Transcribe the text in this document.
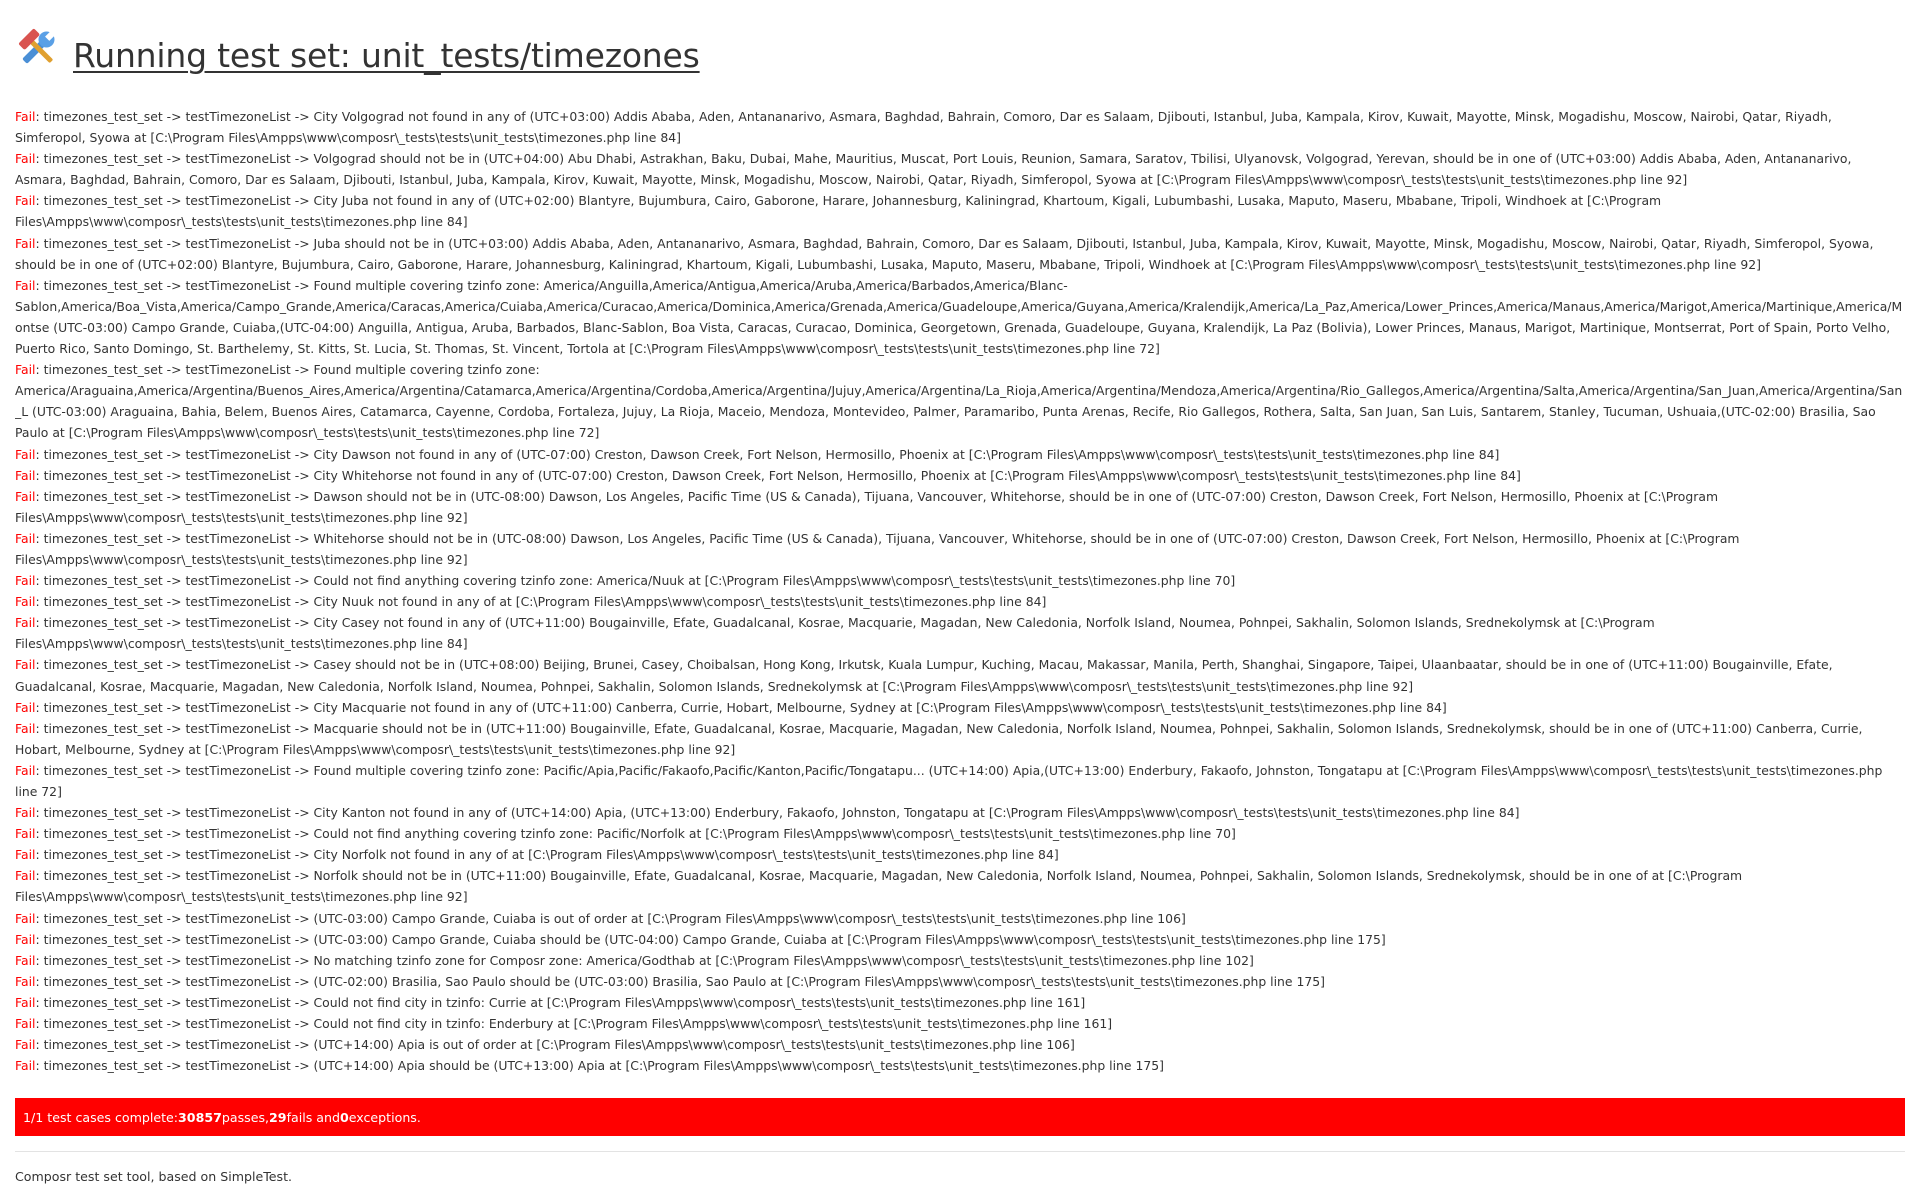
Running test set: unit_tests/timezones
Fail: timezones_test_set -> testTimezoneList -> City Volgograd not found in any of (UTC+03:00) Addis Ababa, Aden, Antananarivo, Asmara, Baghdad, Bahrain, Comoro, Dar es Salaam, Djibouti, Istanbul, Juba, Kampala, Kirov, Kuwait, Mayotte, Minsk, Mogadishu, Moscow, Nairobi, Qatar, Riyadh, Simferopol, Syowa at [C:\Program Files\Ampps\www\composr\_tests\tests\unit_tests\timezones.php line 84]
Fail: timezones_test_set -> testTimezoneList -> Volgograd should not be in (UTC+04:00) Abu Dhabi, Astrakhan, Baku, Dubai, Mahe, Mauritius, Muscat, Port Louis, Reunion, Samara, Saratov, Tbilisi, Ulyanovsk, Volgograd, Yerevan, should be in one of (UTC+03:00) Addis Ababa, Aden, Antananarivo, Asmara, Baghdad, Bahrain, Comoro, Dar es Salaam, Djibouti, Istanbul, Juba, Kampala, Kirov, Kuwait, Mayotte, Minsk, Mogadishu, Moscow, Nairobi, Qatar, Riyadh, Simferopol, Syowa at [C:\Program Files\Ampps\www\composr\_tests\tests\unit_tests\timezones.php line 92]
Fail: timezones_test_set -> testTimezoneList -> City Juba not found in any of (UTC+02:00) Blantyre, Bujumbura, Cairo, Gaborone, Harare, Johannesburg, Kaliningrad, Khartoum, Kigali, Lubumbashi, Lusaka, Maputo, Maseru, Mbabane, Tripoli, Windhoek at [C:\Program Files\Ampps\www\composr\_tests\tests\unit_tests\timezones.php line 84]
Fail: timezones_test_set -> testTimezoneList -> Juba should not be in (UTC+03:00) Addis Ababa, Aden, Antananarivo, Asmara, Baghdad, Bahrain, Comoro, Dar es Salaam, Djibouti, Istanbul, Juba, Kampala, Kirov, Kuwait, Mayotte, Minsk, Mogadishu, Moscow, Nairobi, Qatar, Riyadh, Simferopol, Syowa, should be in one of (UTC+02:00) Blantyre, Bujumbura, Cairo, Gaborone, Harare, Johannesburg, Kaliningrad, Khartoum, Kigali, Lubumbashi, Lusaka, Maputo, Maseru, Mbabane, Tripoli, Windhoek at [C:\Program Files\Ampps\www\composr\_tests\tests\unit_tests\timezones.php line 92]
Fail: timezones_test_set -> testTimezoneList -> Found multiple covering tzinfo zone: America/Anguilla,America/Antigua,America/Aruba,America/Barbados,America/Blanc-Sablon,America/Boa_Vista,America/Campo_Grande,America/Caracas,America/Cuiaba,America/Curacao,America/Dominica,America/Grenada,America/Guadeloupe,America/Guyana,America/Kralendijk,America/La_Paz,America/Lower_Princes,America/Manaus,America/Marigot,America/Martinique,America/Montse (UTC-03:00) Campo Grande, Cuiaba,(UTC-04:00) Anguilla, Antigua, Aruba, Barbados, Blanc-Sablon, Boa Vista, Caracas, Curacao, Dominica, Georgetown, Grenada, Guadeloupe, Guyana, Kralendijk, La Paz (Bolivia), Lower Princes, Manaus, Marigot, Martinique, Montserrat, Port of Spain, Porto Velho, Puerto Rico, Santo Domingo, St. Barthelemy, St. Kitts, St. Lucia, St. Thomas, St. Vincent, Tortola at [C:\Program Files\Ampps\www\composr\_tests\tests\unit_tests\timezones.php line 72]
Fail: timezones_test_set -> testTimezoneList -> Found multiple covering tzinfo zone: America/Araguaina,America/Argentina/Buenos_Aires,America/Argentina/Catamarca,America/Argentina/Cordoba,America/Argentina/Jujuy,America/Argentina/La_Rioja,America/Argentina/Mendoza,America/Argentina/Rio_Gallegos,America/Argentina/Salta,America/Argentina/San_Juan,America/Argentina/San_L (UTC-03:00) Araguaina, Bahia, Belem, Buenos Aires, Catamarca, Cayenne, Cordoba, Fortaleza, Jujuy, La Rioja, Maceio, Mendoza, Montevideo, Palmer, Paramaribo, Punta Arenas, Recife, Rio Gallegos, Rothera, Salta, San Juan, San Luis, Santarem, Stanley, Tucuman, Ushuaia,(UTC-02:00) Brasilia, Sao Paulo at [C:\Program Files\Ampps\www\composr\_tests\tests\unit_tests\timezones.php line 72]
Fail: timezones_test_set -> testTimezoneList -> City Dawson not found in any of (UTC-07:00) Creston, Dawson Creek, Fort Nelson, Hermosillo, Phoenix at [C:\Program Files\Ampps\www\composr\_tests\tests\unit_tests\timezones.php line 84]
Fail: timezones_test_set -> testTimezoneList -> City Whitehorse not found in any of (UTC-07:00) Creston, Dawson Creek, Fort Nelson, Hermosillo, Phoenix at [C:\Program Files\Ampps\www\composr\_tests\tests\unit_tests\timezones.php line 84]
Fail: timezones_test_set -> testTimezoneList -> Dawson should not be in (UTC-08:00) Dawson, Los Angeles, Pacific Time (US & Canada), Tijuana, Vancouver, Whitehorse, should be in one of (UTC-07:00) Creston, Dawson Creek, Fort Nelson, Hermosillo, Phoenix at [C:\Program Files\Ampps\www\composr\_tests\tests\unit_tests\timezones.php line 92]
Fail: timezones_test_set -> testTimezoneList -> Whitehorse should not be in (UTC-08:00) Dawson, Los Angeles, Pacific Time (US & Canada), Tijuana, Vancouver, Whitehorse, should be in one of (UTC-07:00) Creston, Dawson Creek, Fort Nelson, Hermosillo, Phoenix at [C:\Program Files\Ampps\www\composr\_tests\tests\unit_tests\timezones.php line 92]
Fail: timezones_test_set -> testTimezoneList -> Could not find anything covering tzinfo zone: America/Nuuk at [C:\Program Files\Ampps\www\composr\_tests\tests\unit_tests\timezones.php line 70]
Fail: timezones_test_set -> testTimezoneList -> City Nuuk not found in any of at [C:\Program Files\Ampps\www\composr\_tests\tests\unit_tests\timezones.php line 84]
Fail: timezones_test_set -> testTimezoneList -> City Casey not found in any of (UTC+11:00) Bougainville, Efate, Guadalcanal, Kosrae, Macquarie, Magadan, New Caledonia, Norfolk Island, Noumea, Pohnpei, Sakhalin, Solomon Islands, Srednekolymsk at [C:\Program Files\Ampps\www\composr\_tests\tests\unit_tests\timezones.php line 84]
Fail: timezones_test_set -> testTimezoneList -> Casey should not be in (UTC+08:00) Beijing, Brunei, Casey, Choibalsan, Hong Kong, Irkutsk, Kuala Lumpur, Kuching, Macau, Makassar, Manila, Perth, Shanghai, Singapore, Taipei, Ulaanbaatar, should be in one of (UTC+11:00) Bougainville, Efate, Guadalcanal, Kosrae, Macquarie, Magadan, New Caledonia, Norfolk Island, Noumea, Pohnpei, Sakhalin, Solomon Islands, Srednekolymsk at [C:\Program Files\Ampps\www\composr\_tests\tests\unit_tests\timezones.php line 92]
Fail: timezones_test_set -> testTimezoneList -> City Macquarie not found in any of (UTC+11:00) Canberra, Currie, Hobart, Melbourne, Sydney at [C:\Program Files\Ampps\www\composr\_tests\tests\unit_tests\timezones.php line 84]
Fail: timezones_test_set -> testTimezoneList -> Macquarie should not be in (UTC+11:00) Bougainville, Efate, Guadalcanal, Kosrae, Macquarie, Magadan, New Caledonia, Norfolk Island, Noumea, Pohnpei, Sakhalin, Solomon Islands, Srednekolymsk, should be in one of (UTC+11:00) Canberra, Currie, Hobart, Melbourne, Sydney at [C:\Program Files\Ampps\www\composr\_tests\tests\unit_tests\timezones.php line 92]
Fail: timezones_test_set -> testTimezoneList -> Found multiple covering tzinfo zone: Pacific/Apia,Pacific/Fakaofo,Pacific/Kanton,Pacific/Tongatapu... (UTC+14:00) Apia,(UTC+13:00) Enderbury, Fakaofo, Johnston, Tongatapu at [C:\Program Files\Ampps\www\composr\_tests\tests\unit_tests\timezones.php line 72]
Fail: timezones_test_set -> testTimezoneList -> City Kanton not found in any of (UTC+14:00) Apia, (UTC+13:00) Enderbury, Fakaofo, Johnston, Tongatapu at [C:\Program Files\Ampps\www\composr\_tests\tests\unit_tests\timezones.php line 84]
Fail: timezones_test_set -> testTimezoneList -> Could not find anything covering tzinfo zone: Pacific/Norfolk at [C:\Program Files\Ampps\www\composr\_tests\tests\unit_tests\timezones.php line 70]
Fail: timezones_test_set -> testTimezoneList -> City Norfolk not found in any of at [C:\Program Files\Ampps\www\composr\_tests\tests\unit_tests\timezones.php line 84]
Fail: timezones_test_set -> testTimezoneList -> Norfolk should not be in (UTC+11:00) Bougainville, Efate, Guadalcanal, Kosrae, Macquarie, Magadan, New Caledonia, Norfolk Island, Noumea, Pohnpei, Sakhalin, Solomon Islands, Srednekolymsk, should be in one of at [C:\Program Files\Ampps\www\composr\_tests\tests\unit_tests\timezones.php line 92]
Fail: timezones_test_set -> testTimezoneList -> (UTC-03:00) Campo Grande, Cuiaba is out of order at [C:\Program Files\Ampps\www\composr\_tests\tests\unit_tests\timezones.php line 106]
Fail: timezones_test_set -> testTimezoneList -> (UTC-03:00) Campo Grande, Cuiaba should be (UTC-04:00) Campo Grande, Cuiaba at [C:\Program Files\Ampps\www\composr\_tests\tests\unit_tests\timezones.php line 175]
Fail: timezones_test_set -> testTimezoneList -> No matching tzinfo zone for Composr zone: America/Godthab at [C:\Program Files\Ampps\www\composr\_tests\tests\unit_tests\timezones.php line 102]
Fail: timezones_test_set -> testTimezoneList -> (UTC-02:00) Brasilia, Sao Paulo should be (UTC-03:00) Brasilia, Sao Paulo at [C:\Program Files\Ampps\www\composr\_tests\tests\unit_tests\timezones.php line 175]
Fail: timezones_test_set -> testTimezoneList -> Could not find city in tzinfo: Currie at [C:\Program Files\Ampps\www\composr\_tests\tests\unit_tests\timezones.php line 161]
Fail: timezones_test_set -> testTimezoneList -> Could not find city in tzinfo: Enderbury at [C:\Program Files\Ampps\www\composr\_tests\tests\unit_tests\timezones.php line 161]
Fail: timezones_test_set -> testTimezoneList -> (UTC+14:00) Apia is out of order at [C:\Program Files\Ampps\www\composr\_tests\tests\unit_tests\timezones.php line 106]
Fail: timezones_test_set -> testTimezoneList -> (UTC+14:00) Apia should be (UTC+13:00) Apia at [C:\Program Files\Ampps\www\composr\_tests\tests\unit_tests\timezones.php line 175]
1/1 test cases complete: 30857 passes, 29 fails and 0 exceptions.
Composr test set tool, based on SimpleTest.
